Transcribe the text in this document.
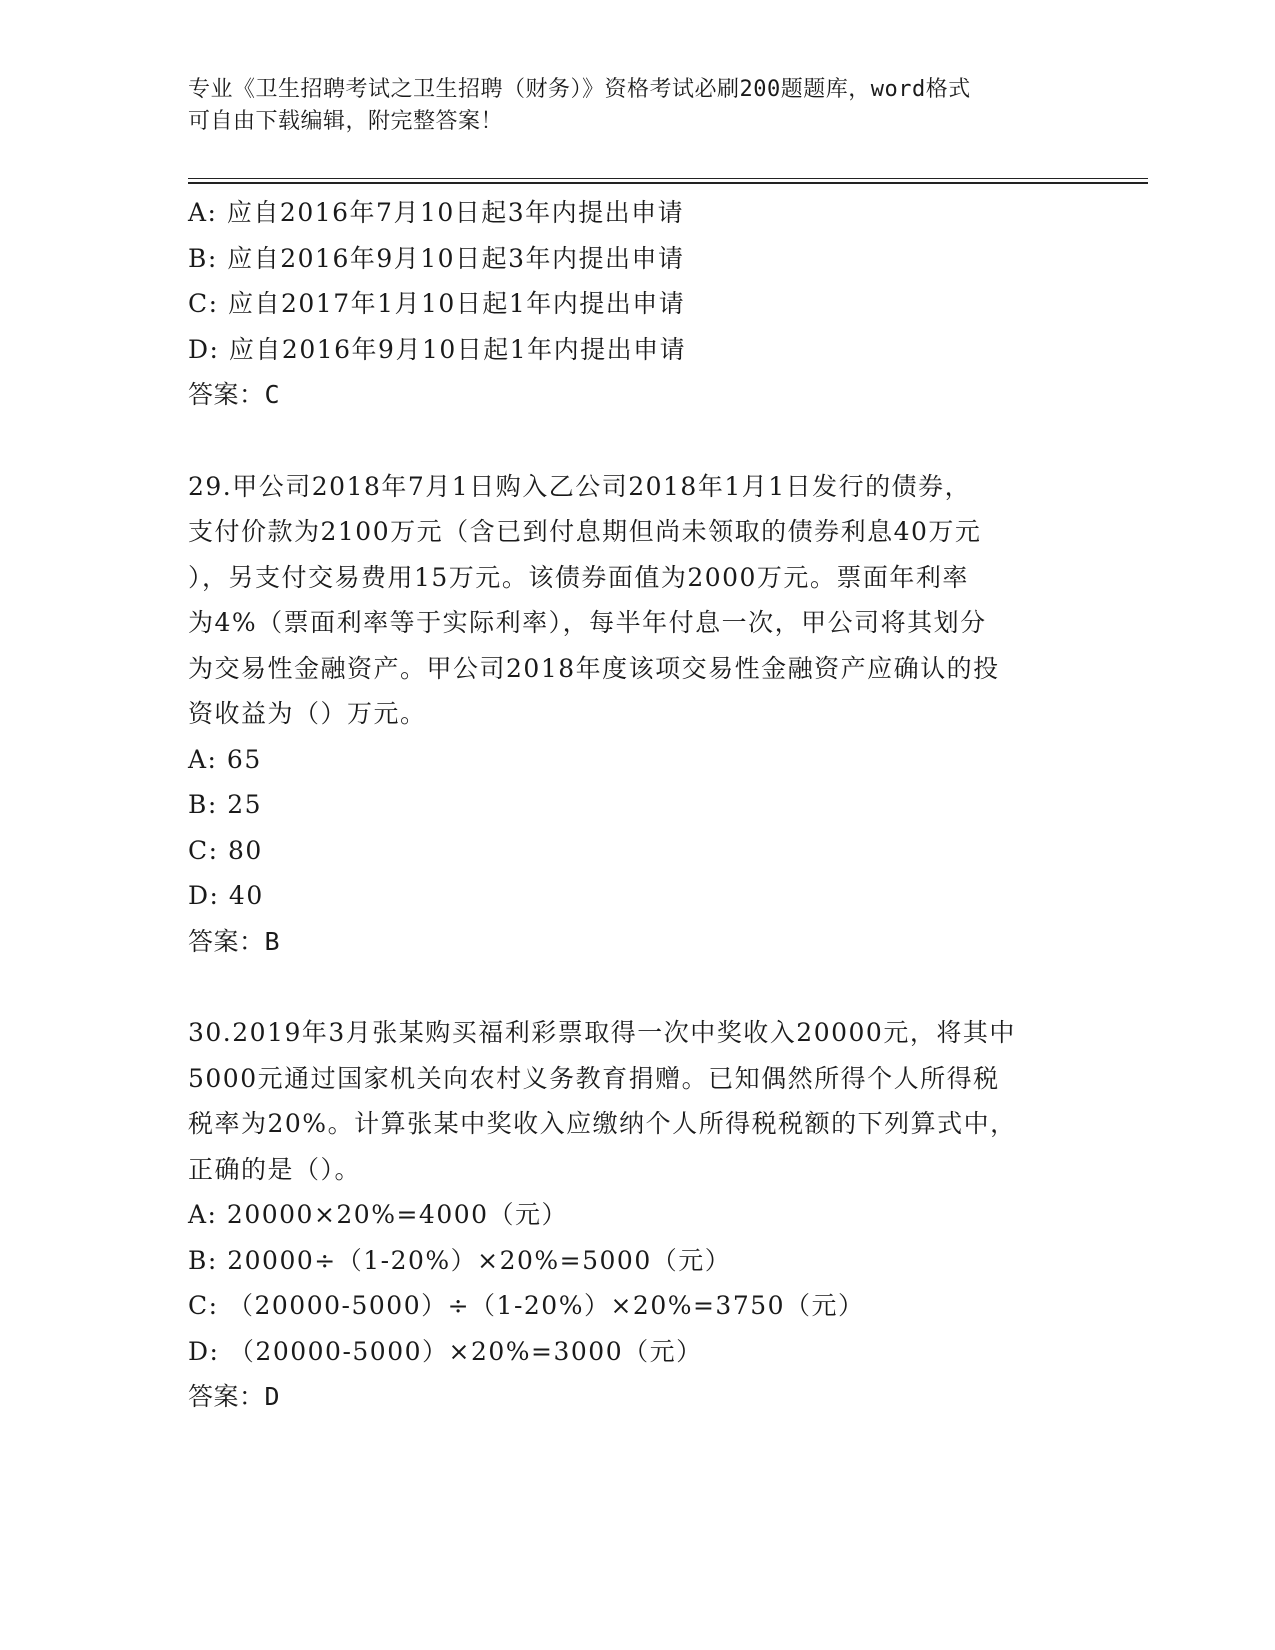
专业《卫生招聘考试之卫生招聘（财务）》资格考试必刷200题题库，word格式
可自由下载编辑，附完整答案！
A: 应自2016年7月10日起3年内提出申请
B: 应自2016年9月10日起3年内提出申请
C: 应自2017年1月10日起1年内提出申请
D: 应自2016年9月10日起1年内提出申请
答案：C
29.甲公司2018年7月1日购入乙公司2018年1月1日发行的债券，
支付价款为2100万元（含已到付息期但尚未领取的债券利息40万元
），另支付交易费用15万元。该债券面值为2000万元。票面年利率
为4%（票面利率等于实际利率），每半年付息一次，甲公司将其划分
为交易性金融资产。甲公司2018年度该项交易性金融资产应确认的投
资收益为（）万元。
A: 65
B: 25
C: 80
D: 40
答案：B
30.2019年3月张某购买福利彩票取得一次中奖收入20000元，将其中
5000元通过国家机关向农村义务教育捐赠。已知偶然所得个人所得税
税率为20%。计算张某中奖收入应缴纳个人所得税税额的下列算式中，
正确的是（）。
A: 20000×20%=4000（元）
B: 20000÷（1-20%）×20%=5000（元）
C: （20000-5000）÷（1-20%）×20%=3750（元）
D: （20000-5000）×20%=3000（元）
答案：D
